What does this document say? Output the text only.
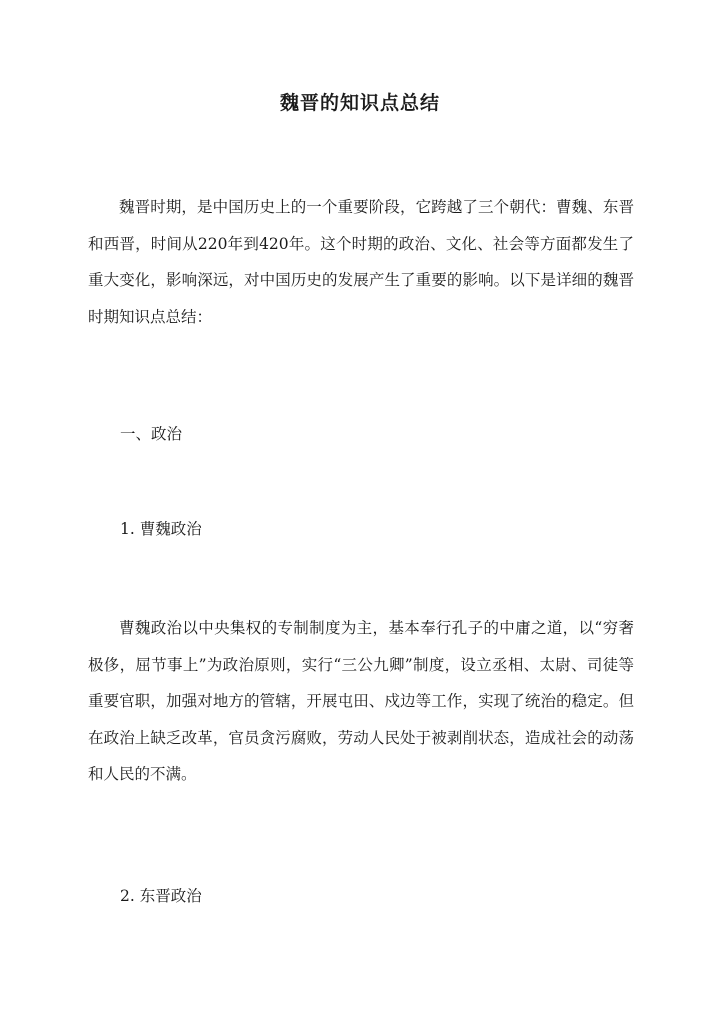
魏晋的知识点总结

魏晋时期，是中国历史上的一个重要阶段，它跨越了三个朝代：曹魏、东晋和西晋，时间从220年到420年。这个时期的政治、文化、社会等方面都发生了重大变化，影响深远，对中国历史的发展产生了重要的影响。以下是详细的魏晋时期知识点总结：

一、政治
1. 曹魏政治

曹魏政治以中央集权的专制制度为主，基本奉行孔子的中庸之道，以“穷奢极侈，屈节事上”为政治原则，实行“三公九卿”制度，设立丞相、太尉、司徒等重要官职，加强对地方的管辖，开展屯田、戍边等工作，实现了统治的稳定。但在政治上缺乏改革，官员贪污腐败，劳动人民处于被剥削状态，造成社会的动荡和人民的不满。

2. 东晋政治
